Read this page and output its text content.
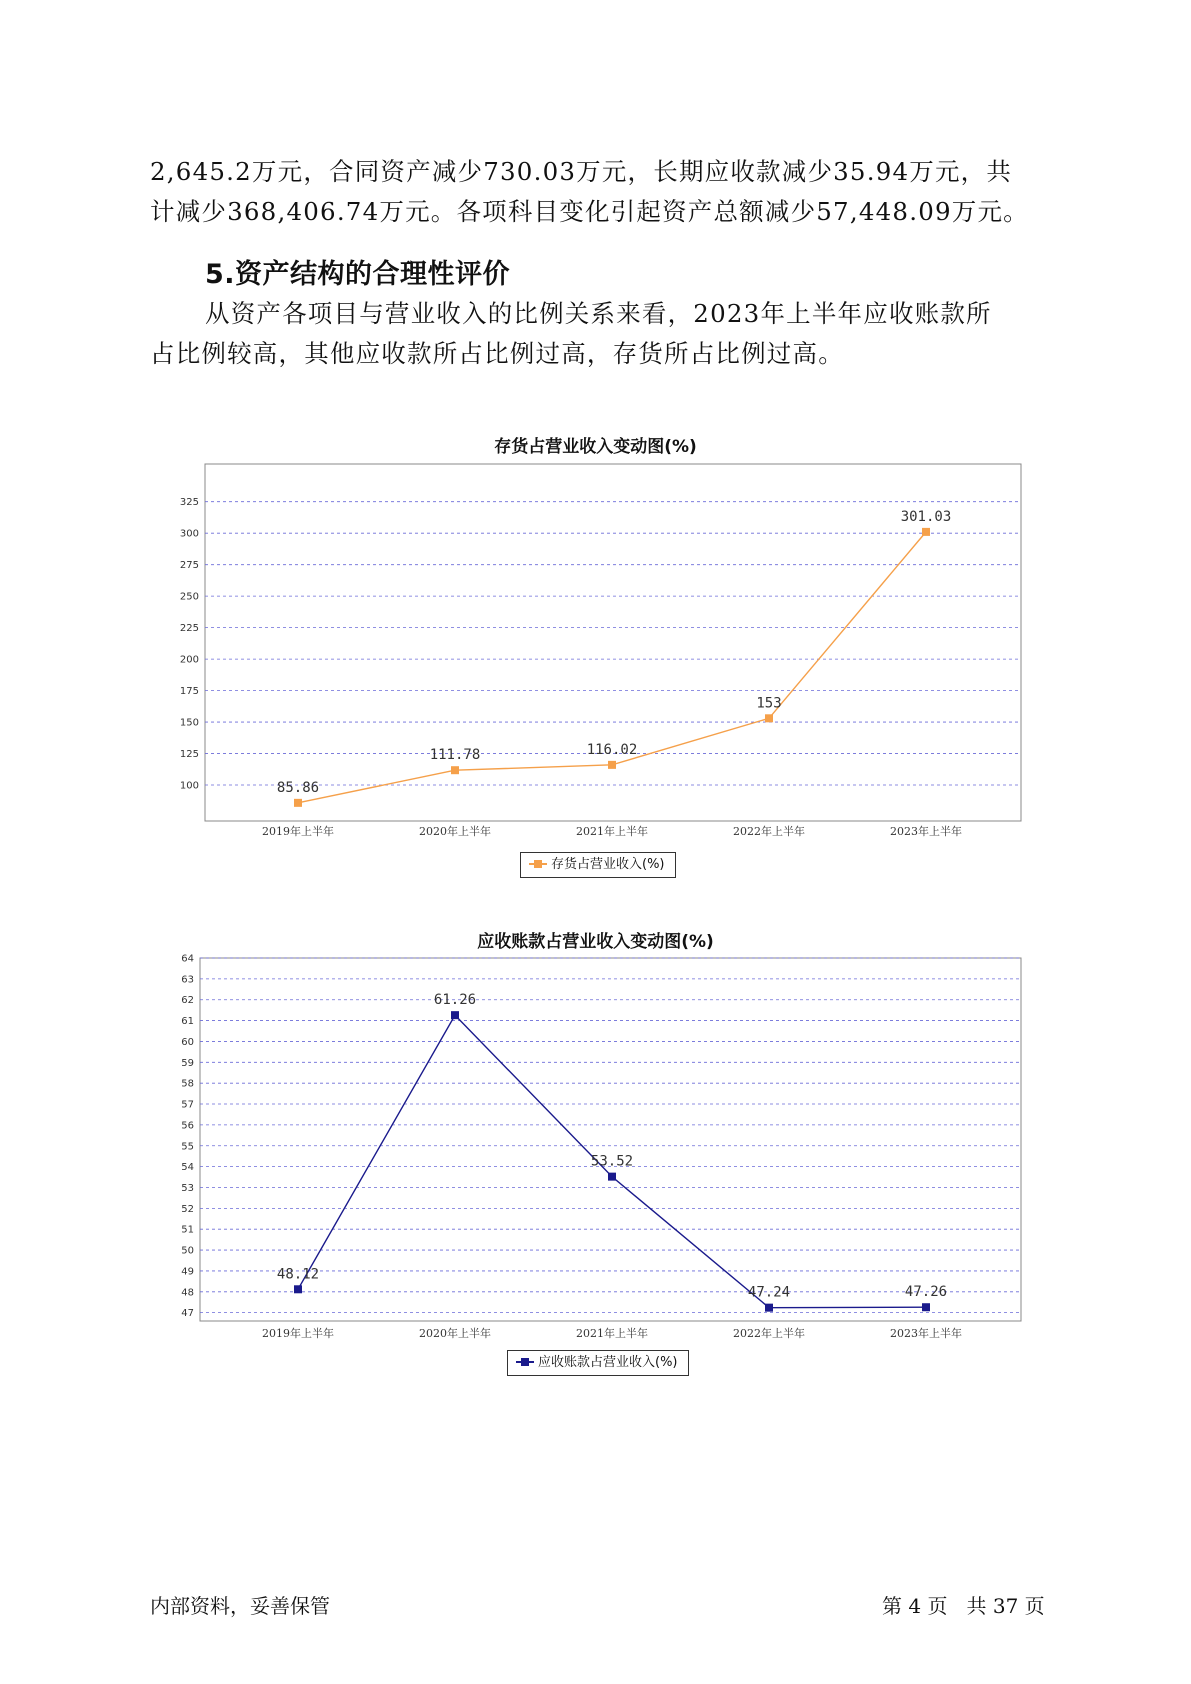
2,645.2万元，合同资产减少730.03万元，长期应收款减少35.94万元，共
计减少368,406.74万元。各项科目变化引起资产总额减少57,448.09万元。
5.资产结构的合理性评价
从资产各项目与营业收入的比例关系来看，2023年上半年应收账款所
占比例较高，其他应收款所占比例过高，存货所占比例过高。
存货占营业收入变动图(%)
100
125
150
175
200
225
250
275
300
325
2019年上半年	2020年上半年	2021年上半年	2022年上半年	2023年上半年
85.86
111.78	116.02
153
301.03
存货占营业收入(%)
应收账款占营业收入变动图(%)
47
48
49
50
51
52
53
54
55
56
57
58
59
60
61
62
63
64
2019年上半年	2020年上半年	2021年上半年	2022年上半年	2023年上半年
48.12
61.26
53.52
47.24	47.26
应收账款占营业收入(%)
内部资料，妥善保管	第 4 页   共 37 页
